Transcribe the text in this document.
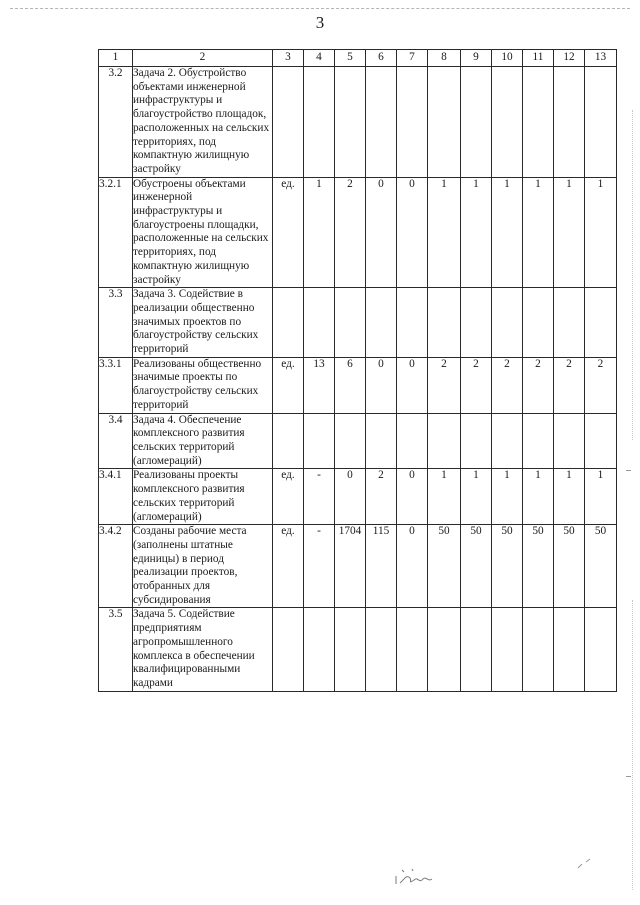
3
1	2	3	4	5	6	7	8	9	10	11	12	13
3.2	Задача 2. Обустройство объектами инженерной инфраструктуры и благоустройство площадок, расположенных на сельских территориях, под компактную жилищную застройку											
3.2.1	Обустроены объектами инженерной инфраструктуры и благоустроены площадки, расположенные на сельских территориях, под компактную жилищную застройку	ед.	1	2	0	0	1	1	1	1	1	1
3.3	Задача 3. Содействие в реализации общественно значимых проектов по благоустройству сельских территорий											
3.3.1	Реализованы общественно значимые проекты по благоустройству сельских территорий	ед.	13	6	0	0	2	2	2	2	2	2
3.4	Задача 4. Обеспечение комплексного развития сельских территорий (агломераций)											
3.4.1	Реализованы проекты комплексного развития сельских территорий (агломераций)	ед.	-	0	2	0	1	1	1	1	1	1
3.4.2	Созданы рабочие места (заполнены штатные единицы) в период реализации проектов, отобранных для субсидирования	ед.	-	1704	115	0	50	50	50	50	50	50
3.5	Задача 5. Содействие предприятиям агропромышленного комплекса в обеспечении квалифицированными кадрами											
